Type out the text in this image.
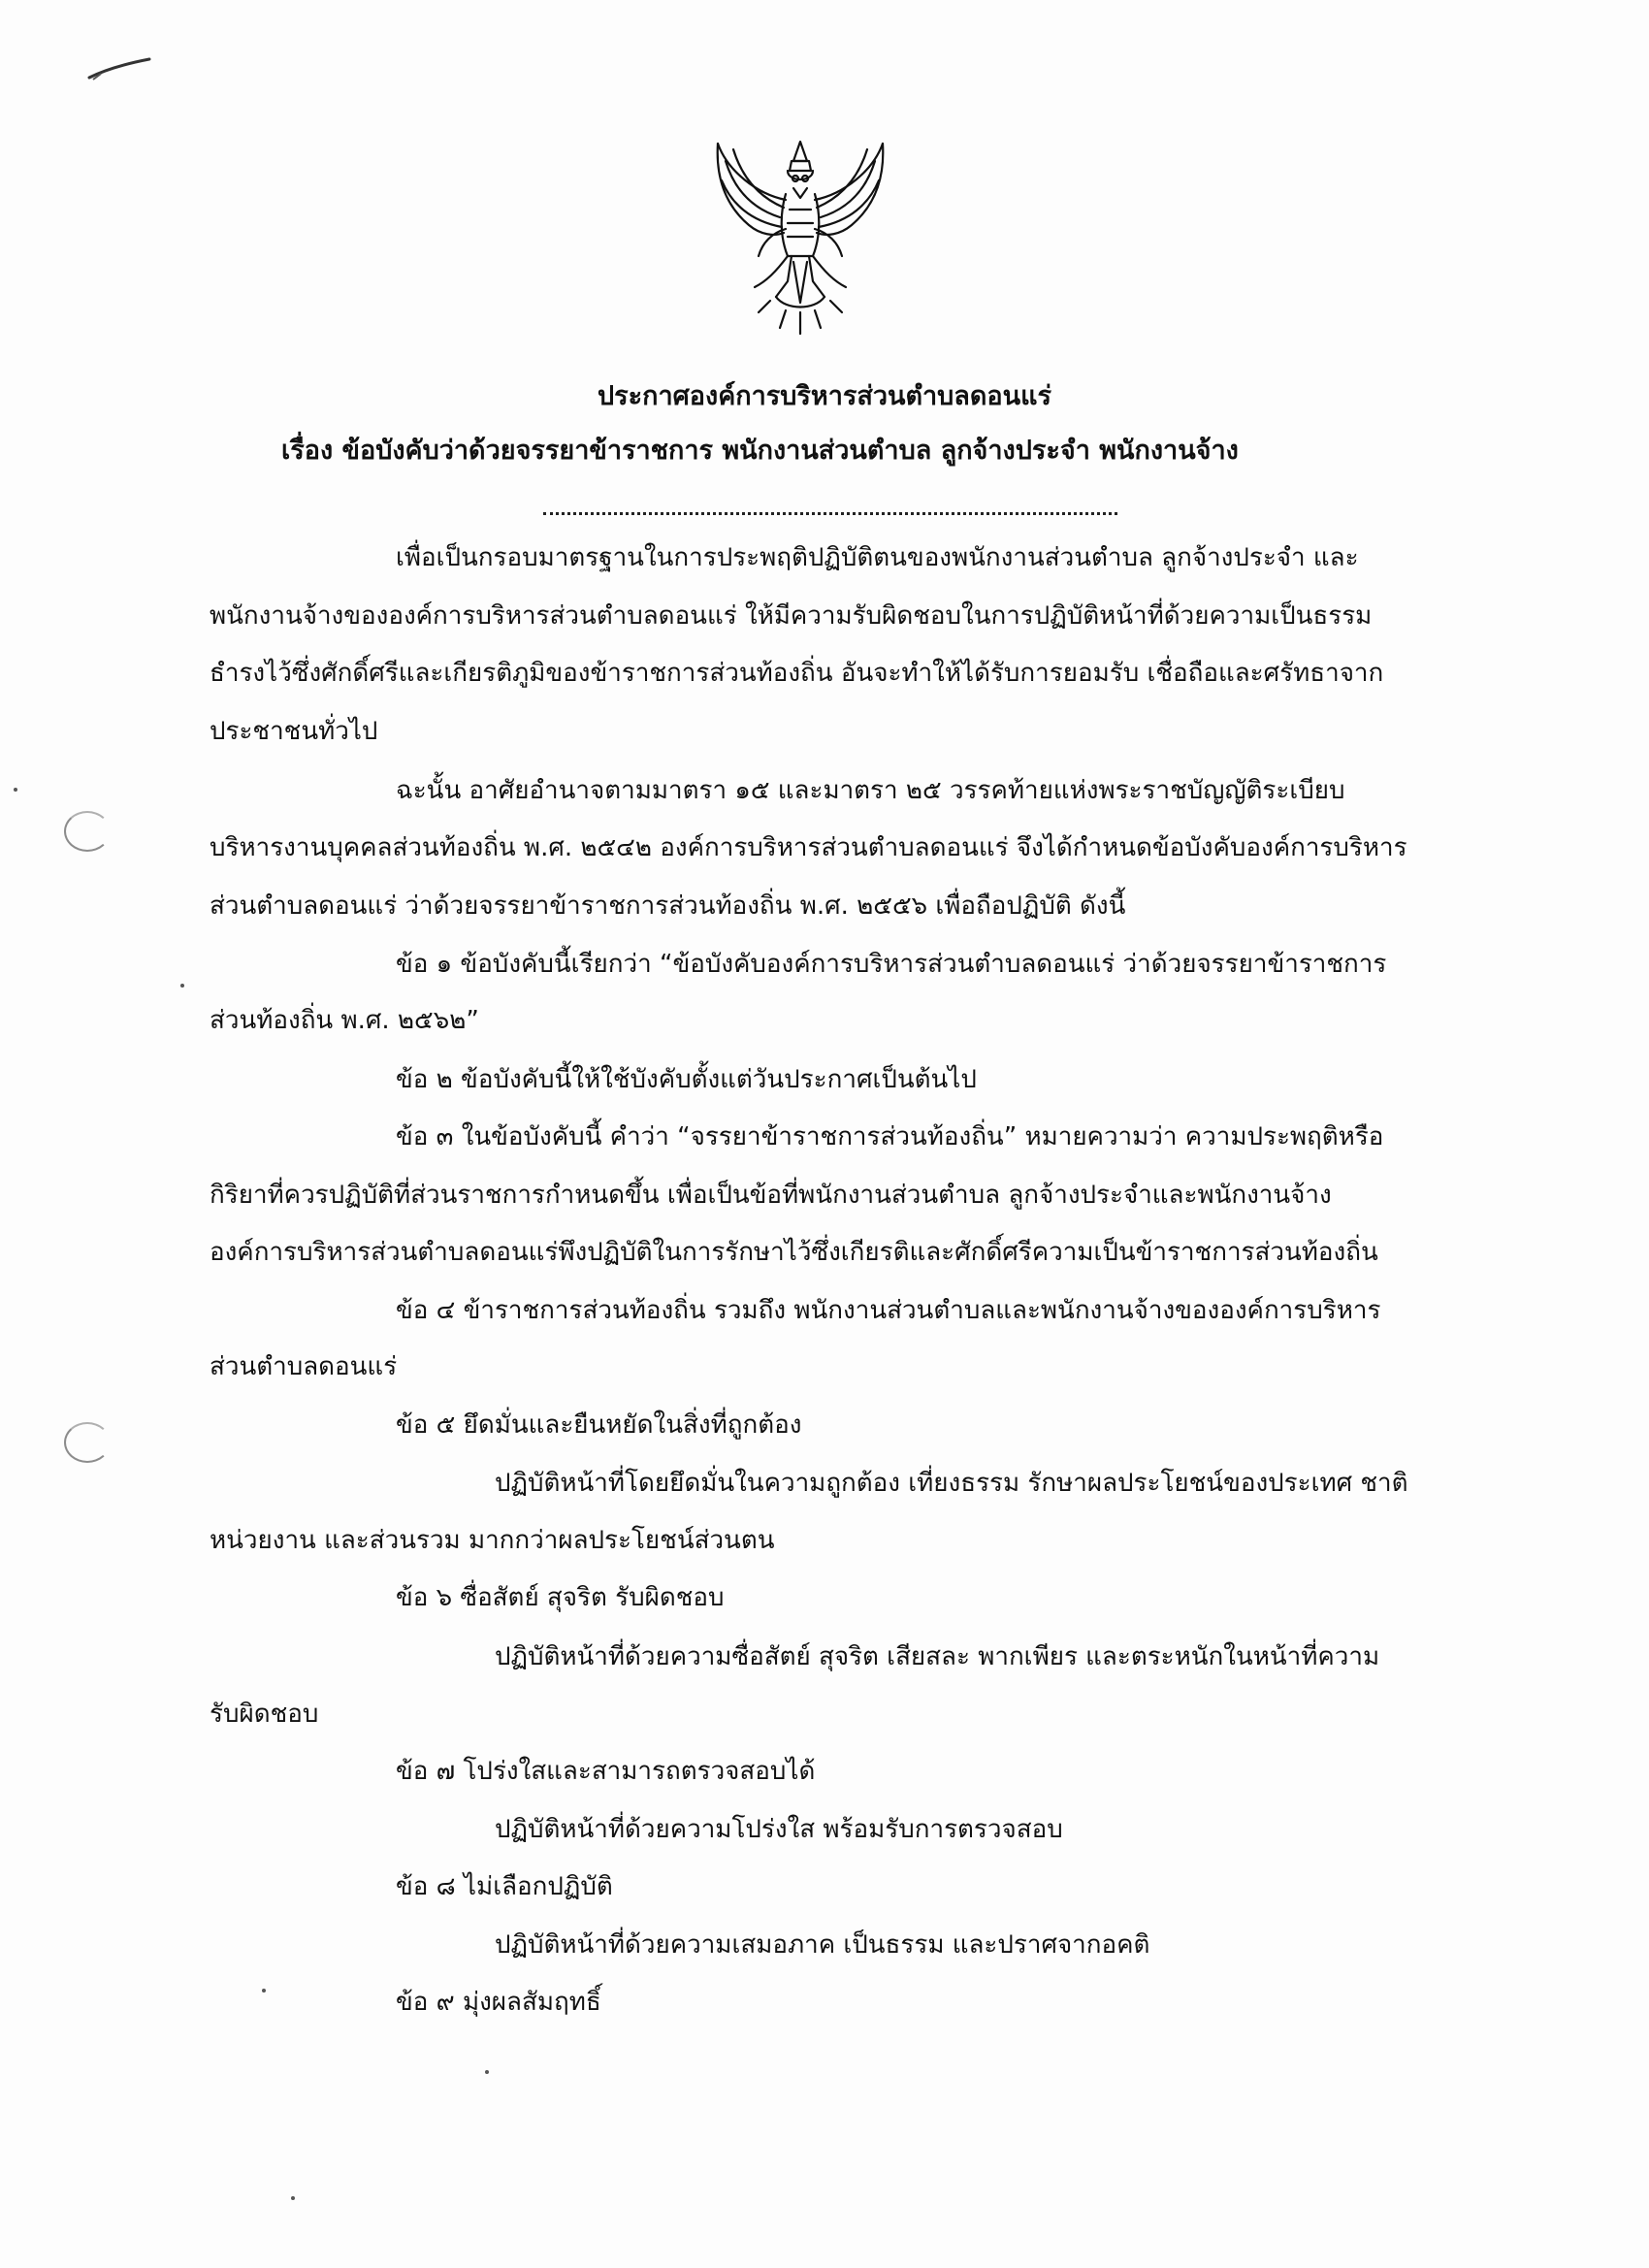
ประกาศองค์การบริหารส่วนตำบลดอนแร่
เรื่อง ข้อบังคับว่าด้วยจรรยาข้าราชการ พนักงานส่วนตำบล ลูกจ้างประจำ พนักงานจ้าง
เพื่อเป็นกรอบมาตรฐานในการประพฤติปฏิบัติตนของพนักงานส่วนตำบล ลูกจ้างประจำ และ
พนักงานจ้างขององค์การบริหารส่วนตำบลดอนแร่ ให้มีความรับผิดชอบในการปฏิบัติหน้าที่ด้วยความเป็นธรรม
ธำรงไว้ซึ่งศักดิ์ศรีและเกียรติภูมิของข้าราชการส่วนท้องถิ่น อันจะทำให้ได้รับการยอมรับ เชื่อถือและศรัทธาจาก
ประชาชนทั่วไป
ฉะนั้น อาศัยอำนาจตามมาตรา ๑๕ และมาตรา ๒๕ วรรคท้ายแห่งพระราชบัญญัติระเบียบ
บริหารงานบุคคลส่วนท้องถิ่น พ.ศ. ๒๕๔๒ องค์การบริหารส่วนตำบลดอนแร่ จึงได้กำหนดข้อบังคับองค์การบริหาร
ส่วนตำบลดอนแร่ ว่าด้วยจรรยาข้าราชการส่วนท้องถิ่น พ.ศ. ๒๕๕๖ เพื่อถือปฏิบัติ ดังนี้
ข้อ ๑ ข้อบังคับนี้เรียกว่า “ข้อบังคับองค์การบริหารส่วนตำบลดอนแร่ ว่าด้วยจรรยาข้าราชการ
ส่วนท้องถิ่น พ.ศ. ๒๕๖๒”
ข้อ ๒ ข้อบังคับนี้ให้ใช้บังคับตั้งแต่วันประกาศเป็นต้นไป
ข้อ ๓ ในข้อบังคับนี้ คำว่า “จรรยาข้าราชการส่วนท้องถิ่น” หมายความว่า ความประพฤติหรือ
กิริยาที่ควรปฏิบัติที่ส่วนราชการกำหนดขึ้น เพื่อเป็นข้อที่พนักงานส่วนตำบล ลูกจ้างประจำและพนักงานจ้าง
องค์การบริหารส่วนตำบลดอนแร่พึงปฏิบัติในการรักษาไว้ซึ่งเกียรติและศักดิ์ศรีความเป็นข้าราชการส่วนท้องถิ่น
ข้อ ๔ ข้าราชการส่วนท้องถิ่น รวมถึง พนักงานส่วนตำบลและพนักงานจ้างขององค์การบริหาร
ส่วนตำบลดอนแร่
ข้อ ๕ ยึดมั่นและยืนหยัดในสิ่งที่ถูกต้อง
ปฏิบัติหน้าที่โดยยึดมั่นในความถูกต้อง เที่ยงธรรม รักษาผลประโยชน์ของประเทศ ชาติ
หน่วยงาน และส่วนรวม มากกว่าผลประโยชน์ส่วนตน
ข้อ ๖ ซื่อสัตย์ สุจริต รับผิดชอบ
ปฏิบัติหน้าที่ด้วยความซื่อสัตย์ สุจริต เสียสละ พากเพียร และตระหนักในหน้าที่ความ
รับผิดชอบ
ข้อ ๗ โปร่งใสและสามารถตรวจสอบได้
ปฏิบัติหน้าที่ด้วยความโปร่งใส พร้อมรับการตรวจสอบ
ข้อ ๘ ไม่เลือกปฏิบัติ
ปฏิบัติหน้าที่ด้วยความเสมอภาค เป็นธรรม และปราศจากอคติ
ข้อ ๙ มุ่งผลสัมฤทธิ์
